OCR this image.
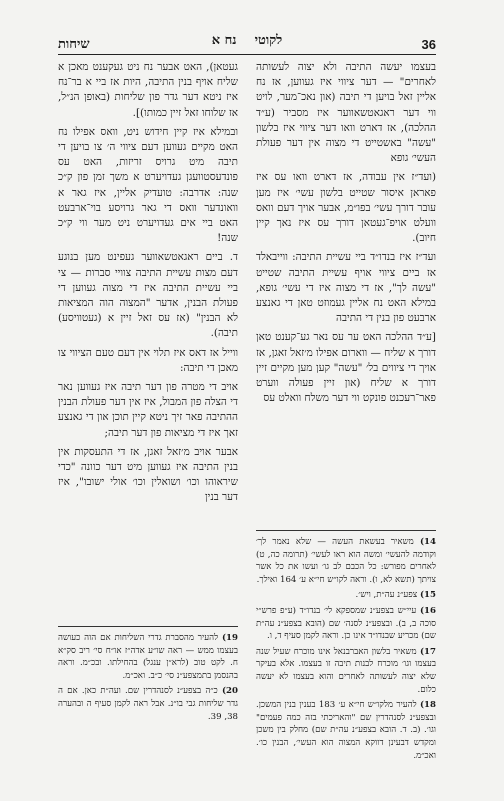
36
לקוטי    נח א
שיחות

בעצמו יעשה התיבה ולא יצוה לעשותה לאחרים" — דער ציווי איז געווען, אז נח אליין זאל בויען די תיבה (און נאכ־מער, לויט ווי דער ראגאטשאווער איז מסביר (ע״ד ההלכה), אז דארט וואו דער ציווי איז בלשון "עשה" באשטייט די מצוה אין דער פעולת העשי׳ גופא

(ועד״ז אין עבודה, אז דארט וואו עס איז פאראן איסור שטייט בלשון עשי׳ איז מען עובר דורך עשי׳ בפו״מ, אבער אויך דעם וואס וועלט אויפ־געטאן דורך עס איז נאך קיין חיוב).

ועד״ז איז בנדו״ד ביי עשיית התיבה: ווייבאלד אז ביים ציווי אויף עשיית התיבה שטייט "עשה לך", אז די מצוה איז די עשי׳ גופא, במילא האט נח אליין געמוזט טאן די גאנצע ארבעט פון בנין די התיבה

[ע״ד ההלכה האט ער עס נאר גע־קענט טאן דורך א שליח — ווארום אפילו מ׳זאל זאגן, אז אויך די ציווים בל׳ "עשה" קען מען מקיים זיין דורך א שליח (און זיין פעולה ווערט פאר־רעכנט פונקט ווי דער משלח וואלט עס

געטאן), האט אבער נח ניט געקענט מאכן א שליח אויף בנין התיבה, היות אז ביי א בר־נח איז ניטא דער גדר פון שליחות (באופן הנ״ל, אז שלוחו זאל זיין כמותו)].

ובמילא איז קיין חידוש ניט, וואס אפילו נח האט מקיים געווען דעם ציווי ה׳ צו בויען די תיבה מיט גרויס זריזות, האט עס פונדעסטוועגן געדויערט א משך זמן פון ק״כ שנה: אדרבה: טועדיק אליין, איז גאר א וואונדער וואס די גאר גרויסע בוי־ארבעט האט ביי אים געדויערט ניט מער ווי ק״כ שנה!

ד. ביים ראגאטשאווער געפינט מען בנוגע דעם מצות עשיית התיבה צוויי סברות — צי ביי עשיית התיבה איז די מצוה געווען די פעולת הבנין, אדער "המצוה הוה המציאות לא הבנין" (אז עס זאל זיין א (געטוויסע) תיבה).

ווייל אז דאס איז תלוי אין דעם טעם הציווי צו מאכן די תיבה:

אויב די מטרה פון דער תיבה איז געווען נאר די הצלה פון המבול, איז אין דער פעולת הבנין ההתיבה פאר זיך ניטא קיין תוכן און די גאנצע זאך איז די מציאות פון דער תיבה;

אבער אויב מ׳זאל זאגן, אז די התעסקות אין בנין התיבה איז געווען מיט דער כוונה "כדי שיראוהו וכו׳ ושואלין וכו׳ אולי ישובו", איז דער בנין

14) משאיר בעשאת העשה — שלא נאמר לך׳ וקודמה להעשי׳ ומשה הוא ראו לעשי׳ (תרומה כה, ט) לאחרים מפורש: כל הכבם לב גו׳ ועשו את כל אשר צויתך (תשא לא, ו). וראה לקו״ש חי״א ע׳ 164 ואילך.
15) צפע״נ עה״ת, ויש׳.
16) עיי״ש בצפע״נ שמספקא לי׳ בנדו״ד (ע״פ פרש״י סוכה ב, ב). ובצפע״נ לסנה׳ שם (הובא בצפע״נ עה״ת שם) מכריע שבנדו״ד אינו כן. וראה לקמן סעיף ד, ו.
17) משאיר בלשון האברבנאל אינו מוכרח שעיל שנה בעצמו וגו׳ מוכרח לבנות תיבה זו בעצמו. אלא בעיקר שלא יצוה לעשותה לאחרים והוא בעצמו לא יעשה כלום.
18) להעיר מלקו״ש חי״א ע׳ 183 בענין בנין המשכן. ובצפע״נ לסנהדרין שם "והאריכתי בזה כמה פעמים" וגו׳. (ב. ד. הובא בצפע״נ עה״ת שם) מחלק בין משכן ומקדש דבעינן דווקא המצוה הוא העשי׳, הבנין כו׳. ואכ״מ.
19) להעיר מהסברת גדרי השליחות אם הוה כעושה בעצמו ממש — ראה שו״ע אדה״ז או״ח סי׳ ריב סק״א ח. לקט טוב (לרא״ן ענגל) בהחילתו. ובכ״מ. וראה בהנסמן בתמצפע״נ סי׳ כ״ב. ואכ״מ.
20) כ״ה בצפע״נ לסנהדרין שם. ועה״ת כאן. אם ה גדר שליחות גבי בו״נ. אבל ראה לקמן סעיף ה ובהערה 38, 39.
